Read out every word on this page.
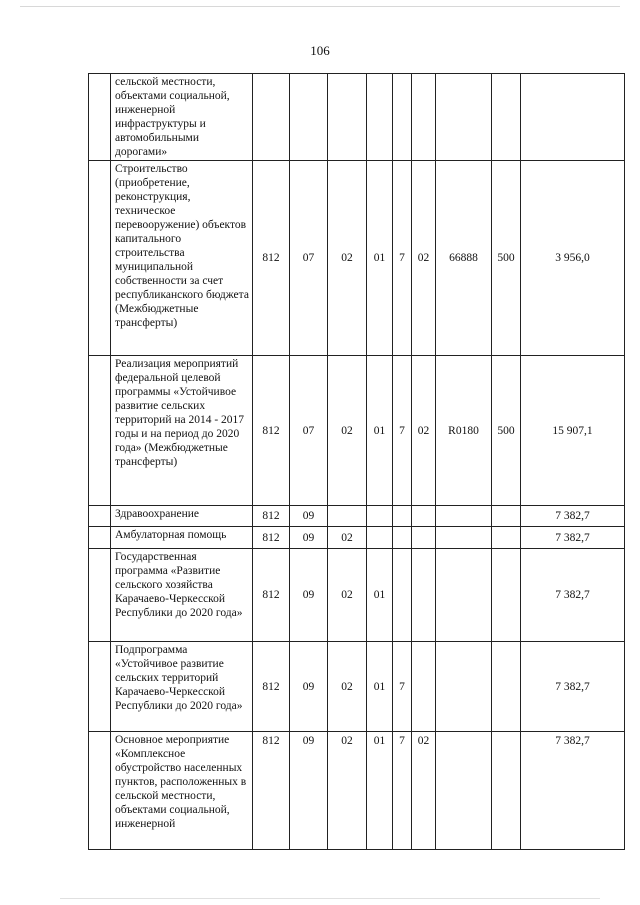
106
	сельской местности, объектами социальной, инженерной инфраструктуры и автомобильными дорогами»									
	Строительство (приобретение, реконструкция, техническое перевооружение) объектов капитального строительства муниципальной собственности за счет республиканского бюджета (Межбюджетные трансферты)	812	07	02	01	7	02	66888	500	3 956,0
	Реализация мероприятий федеральной целевой программы «Устойчивое развитие сельских территорий на 2014 - 2017 годы и на период до 2020 года» (Межбюджетные трансферты)	812	07	02	01	7	02	R0180	500	15 907,1
	Здравоохранение	812	09							7 382,7
	Амбулаторная помощь	812	09	02						7 382,7
	Государственная программа «Развитие сельского хозяйства Карачаево-Черкесской Республики до 2020 года»	812	09	02	01					7 382,7
	Подпрограмма «Устойчивое развитие сельских территорий Карачаево-Черкесской Республики до 2020 года»	812	09	02	01	7				7 382,7
	Основное мероприятие «Комплексное обустройство населенных пунктов, расположенных в сельской местности, объектами социальной, инженерной	812	09	02	01	7	02			7 382,7
